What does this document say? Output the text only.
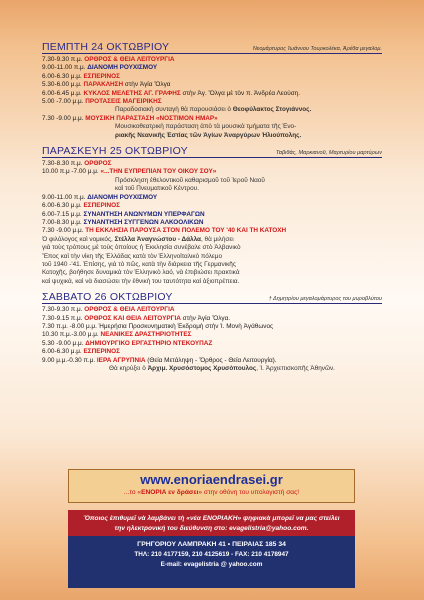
ΠΕΜΠΤΗ 24 ΟΚΤΩΒΡΙΟΥ	Νεομάρτυρος Ἰωάννου Τουρκολέκα, Ἀρέθα μεγαλομ.
7.30-9.30 π.μ. ΟΡΘΡΟΣ & ΘΕΙΑ ΛΕΙΤΟΥΡΓΙΑ
9.00-11.00 π.μ. ΔΙΑΝΟΜΗ ΡΟΥΧΙΣΜΟΥ
6.00-6.30 μ.μ. ΕΣΠΕΡΙΝΟΣ
5.30-6.00 μ.μ. ΠΑΡΑΚΛΗΣΗ στὴν Ἁγία Ὄλγα
6.00-6.45 μ.μ. ΚΥΚΛΟΣ ΜΕΛΕΤΗΣ ΑΓ. ΓΡΑΦΗΣ στὴν Ἁγ. Ὄλγα μὲ τὸν π. Ἀνδρέα Λεούση.
5.00 -7.00 μ.μ. ΠΡΟΤΑΣΕΙΣ ΜΑΓΕΙΡΙΚΗΣ
Παραδοσιακὴ συνταγὴ θὰ παρουσιάσει ὁ Θεοφύλακτος Στογιάννος.
7.30 -9.00 μ.μ. ΜΟΥΣΙΚΗ ΠΑΡΑΣΤΑΣΗ «ΝΟΣΤΙΜΟΝ ΗΜΑΡ»
Μουσικοθεατρικὴ παράσταση ἀπὸ τὰ μουσικὰ τμήματα τῆς Ἐνο-
ριακῆς Νεανικῆς Ἑστίας τῶν Ἁγίων Ἀναργύρων Ἡλιούπολης.
ΠΑΡΑΣΚΕΥΗ 25 ΟΚΤΩΒΡΙΟΥ	Ταβιθάς, Μαρκιανοῦ, Μαρτυρίου μαρτύρων
7.30-8.30 π.μ. ΟΡΘΡΟΣ
10.00 π.μ -7.00 μ.μ. «...ΤΗΝ ΕΥΠΡΕΠΙΑΝ ΤΟΥ ΟΙΚΟΥ ΣΟΥ»
Πρόσκληση ἐθελοντικοῦ καθαρισμοῦ τοῦ Ἱεροῦ Ναοῦ
καὶ τοῦ Πνευματικοῦ Κέντρου.
9.00-11.00 π.μ. ΔΙΑΝΟΜΗ ΡΟΥΧΙΣΜΟΥ
6.00-6.30 μ.μ. ΕΣΠΕΡΙΝΟΣ
6.00-7.15 μ.μ. ΣΥΝΑΝΤΗΣΗ ΑΝΩΝΥΜΩΝ ΥΠΕΡΦΑΓΩΝ
7.00-8.30 μ.μ. ΣΥΝΑΝΤΗΣΗ ΣΥΓΓΕΝΩΝ ΑΛΚΟΟΛΙΚΩΝ
7.30 -9.00 μ.μ. ΤΗ ΕΚΚΛΗΣΙΑ ΠΑΡΟΥΣΑ ΣΤΟΝ ΠΟΛΕΜΟ ΤΟΥ '40 ΚΑΙ ΤΗ ΚΑΤΟΧΗ
Ὁ φιλόλογος καὶ νομικός, Στέλλα Ἀναγνώστου - Δάλλα, θὰ μιλήσει
γιὰ τοὺς τρόπους μὲ τοὺς ὁποίους ἡ Ἐκκλησία συνέβαλε στὸ Ἀλβανικὸ
Ἔπος καὶ τὴν νίκη τῆς Ἑλλάδας κατὰ τὸν Ἑλληνοϊταλικὸ πόλεμο
τοῦ 1940 -'41. Ἐπίσης, γιὰ τὸ πῶς, κατὰ τὴν διάρκεια τῆς Γερμανικῆς
Κατοχῆς, βοήθησε δυναμικὰ τὸν Ἑλληνικὸ λαό, νὰ ἐπιβιώσει πρακτικὰ
καὶ ψυχικά, καὶ νὰ διασώσει τὴν ἐθνικὴ του ταυτότητα καὶ ἀξιοπρέπεια.
ΣΑΒΒΑΤΟ 26 ΟΚΤΩΒΡΙΟΥ	† Δημητρίου μεγαλομάρτυρος του μυροβλύτου
7.30-9.30 π.μ. ΟΡΘΡΟΣ & ΘΕΙΑ ΛΕΙΤΟΥΡΓΙΑ
7.30-9.15 π.μ. ΟΡΘΡΟΣ ΚΑΙ ΘΕΙΑ ΛΕΙΤΟΥΡΓΙΑ στὴν Ἁγία Ὄλγα.
7.30 π.μ. -8.00 μ.μ. Ἡμερήσια Προσκυνηματικὴ Ἐκδρομὴ στὴν Ἱ. Μονὴ Ἀγάθωνος
10.30 π.μ.-3.00 μ.μ. ΝΕΑΝΙΚΕΣ ΔΡΑΣΤΗΡΙΟΤΗΤΕΣ
5.30 -9.00 μ.μ. ΔΗΜΙΟΥΡΓΙΚΟ ΕΡΓΑΣΤΗΡΙΟ ΝΤΕΚΟΥΠΑΖ
6.00-6.30 μ.μ. ΕΣΠΕΡΙΝΟΣ
9.00 μ.μ.-0.30 π.μ. ΙΕΡΑ ΑΓΡΥΠΝΙΑ (Θεία Μετάληψη - Ὄρθρος - Θεία Λειτουργία).
Θὰ κηρύξει ὁ Ἀρχιμ. Χρυσόστομος Χρυσόπουλος, Ἱ. Ἀρχιεπισκοπῆς Ἀθηνῶν.
www.enoriaendrasei.gr
...το «ΕΝΟΡΙΑ εν δράσει» στην οθόνη του υπολογιστή σας!
Ὅποιος ἐπιθυμεῖ νὰ λαμβάνει τὴ «νέα ΕΝΟΡΙΑΚΗ» ψηφιακὰ μπορεῖ να μας στείλει
την ηλεκτρονική του διεύθυνση στο: evagelistria@yahoo.com.
ΓΡΗΓΟΡΙΟΥ ΛΑΜΠΡΑΚΗ 41 • ΠΕΙΡΑΙΑΣ 185 34
ΤΗΛ: 210 4177159, 210 4125619 - FAX: 210 4178947
E-mail: evagelistria @ yahoo.com
